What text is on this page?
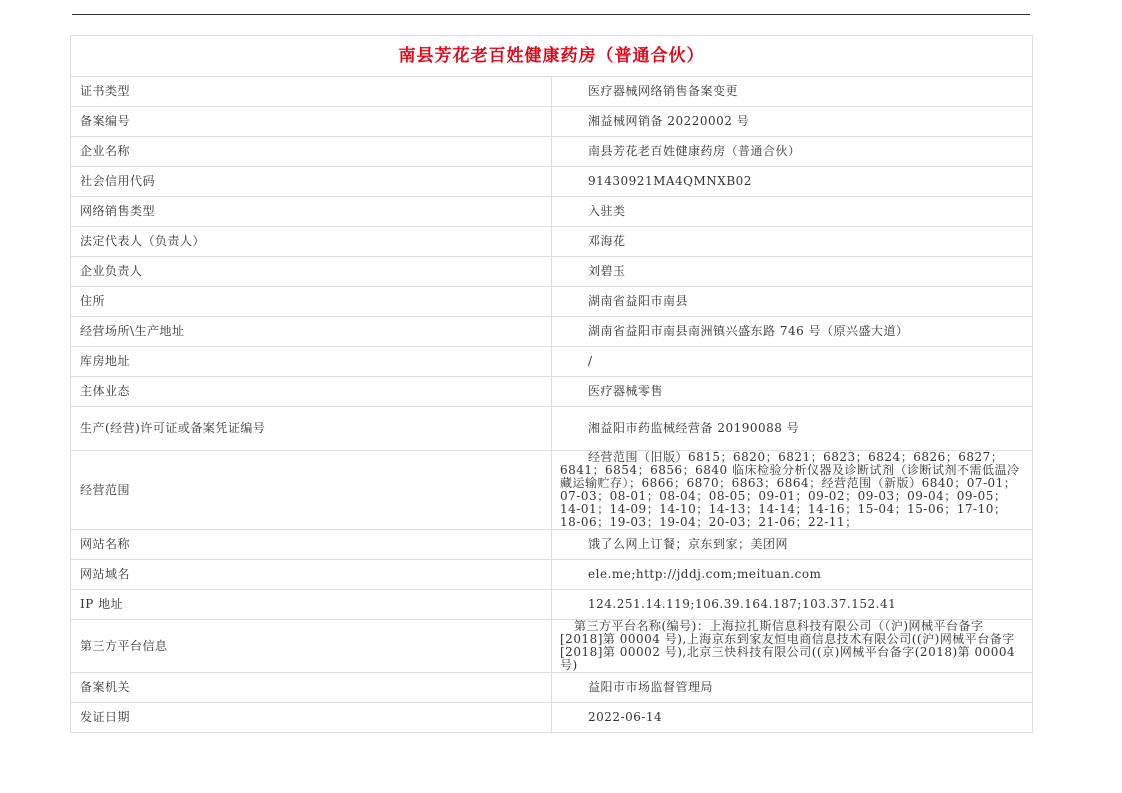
南县芳花老百姓健康药房（普通合伙）	
证书类型	医疗器械网络销售备案变更
备案编号	湘益械网销备 20220002 号
企业名称	南县芳花老百姓健康药房（普通合伙）
社会信用代码	91430921MA4QMNXB02
网络销售类型	入驻类
法定代表人（负责人）	邓海花
企业负责人	刘碧玉
住所	湖南省益阳市南县
经营场所\生产地址	湖南省益阳市南县南洲镇兴盛东路 746 号（原兴盛大道）
库房地址	/
主体业态	医疗器械零售
生产(经营)许可证或备案凭证编号	湘益阳市药监械经营备 20190088 号
经营范围	经营范围（旧版）6815；6820；6821；6823；6824；6826；6827；6841；6854；6856；6840 临床检验分析仪器及诊断试剂（诊断试剂不需低温冷藏运输贮存）；6866；6870；6863；6864；经营范围（新版）6840；07-01；07-03；08-01；08-04；08-05；09-01；09-02；09-03；09-04；09-05；14-01；14-09；14-10；14-13；14-14；14-16；15-04；15-06；17-10；18-06；19-03；19-04；20-03；21-06；22-11；
网站名称	饿了么网上订餐；京东到家；美团网
网站域名	ele.me;http://jddj.com;meituan.com
IP 地址	124.251.14.119;106.39.164.187;103.37.152.41
第三方平台信息	第三方平台名称(编号)：上海拉扎斯信息科技有限公司（（沪)网械平台备字[2018]第 00004 号),上海京东到家友恒电商信息技术有限公司((沪)网械平台备字[2018]第 00002 号),北京三快科技有限公司((京)网械平台备字(2018)第 00004 号)
备案机关	益阳市市场监督管理局
发证日期	2022-06-14
